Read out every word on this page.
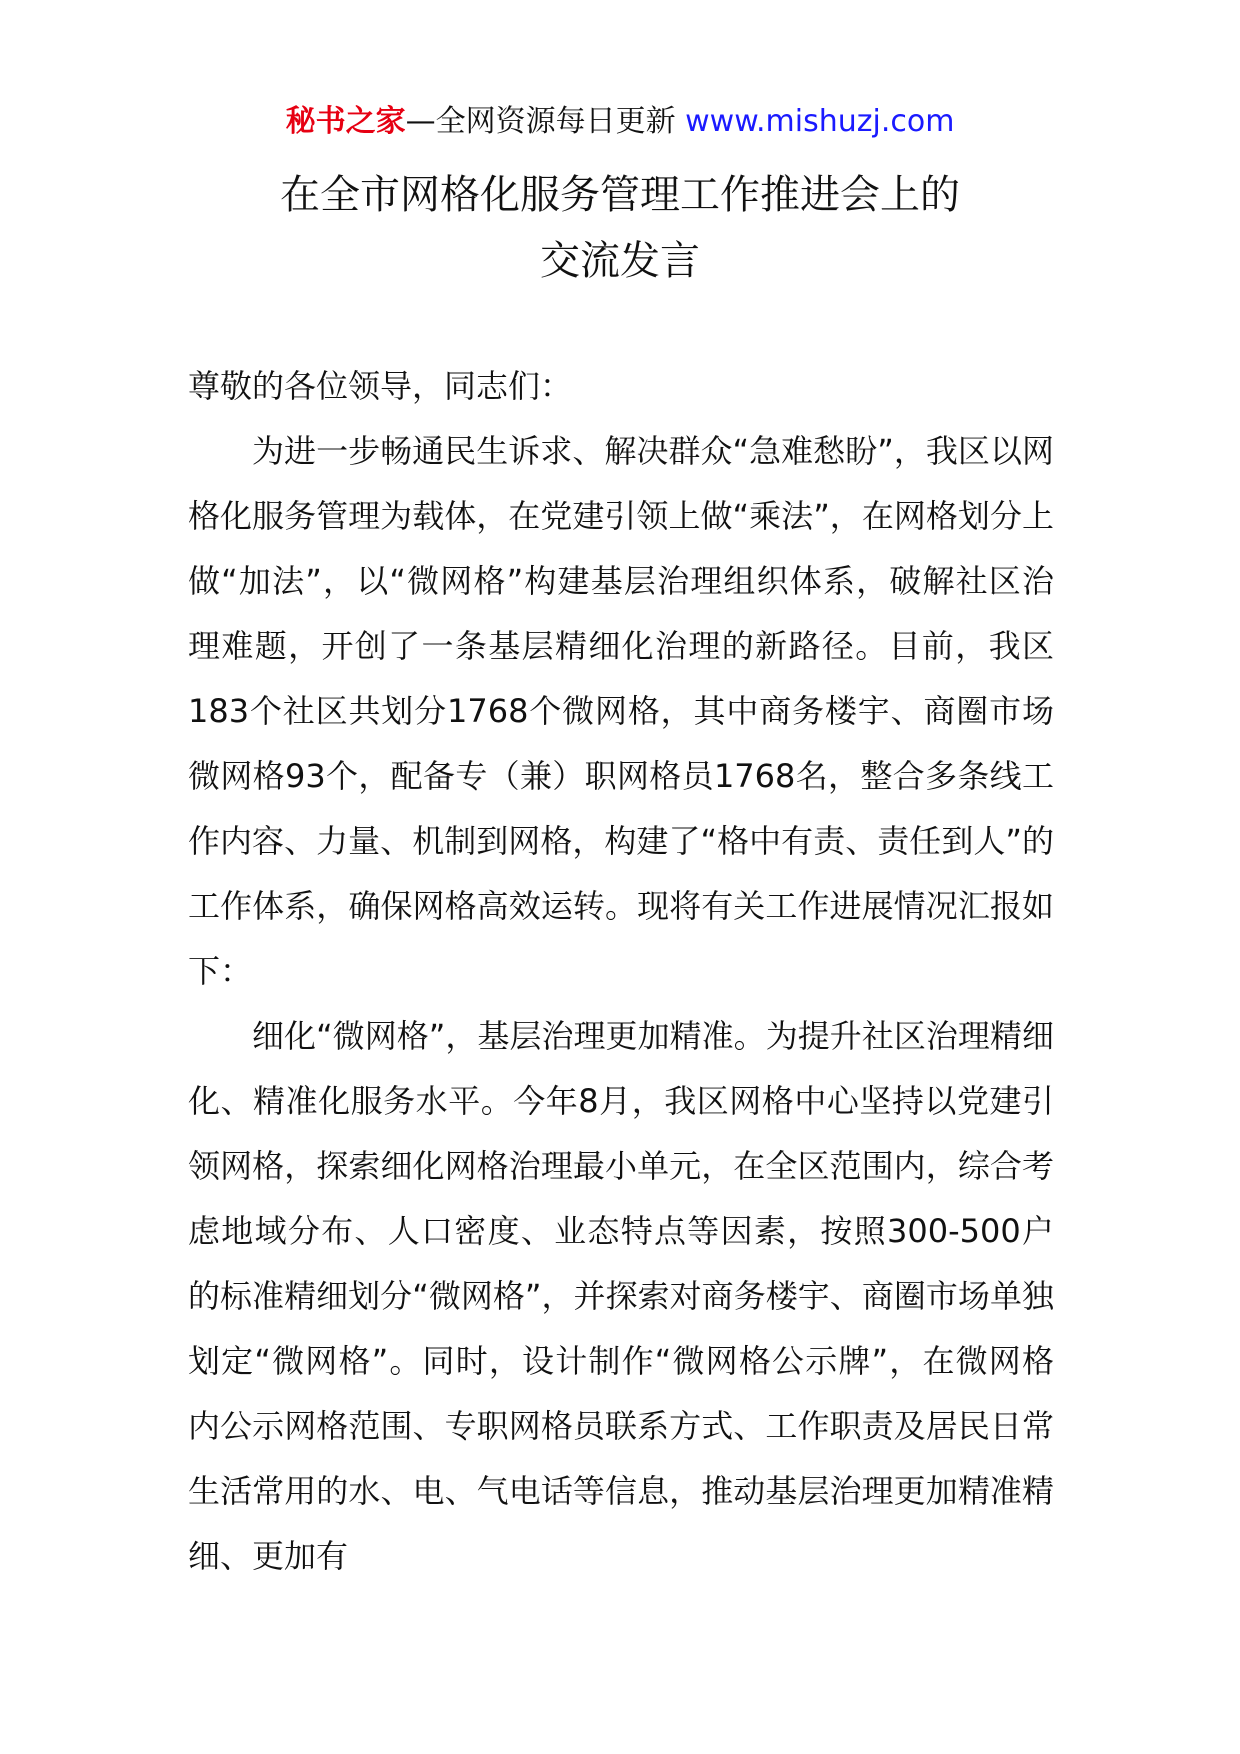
秘书之家—全网资源每日更新 www.mishuzj.com
在全市网格化服务管理工作推进会上的
交流发言

尊敬的各位领导，同志们：

为进一步畅通民生诉求、解决群众“急难愁盼”，我区以网格化服务管理为载体，在党建引领上做“乘法”，在网格划分上做“加法”，以“微网格”构建基层治理组织体系，破解社区治理难题，开创了一条基层精细化治理的新路径。目前，我区183个社区共划分1768个微网格，其中商务楼宇、商圈市场微网格93个，配备专（兼）职网格员1768名，整合多条线工作内容、力量、机制到网格，构建了“格中有责、责任到人”的工作体系，确保网格高效运转。现将有关工作进展情况汇报如下：

细化“微网格”，基层治理更加精准。为提升社区治理精细化、精准化服务水平。今年8月，我区网格中心坚持以党建引领网格，探索细化网格治理最小单元，在全区范围内，综合考虑地域分布、人口密度、业态特点等因素，按照300-500户的标准精细划分“微网格”，并探索对商务楼宇、商圈市场单独划定“微网格”。同时，设计制作“微网格公示牌”，在微网格内公示网格范围、专职网格员联系方式、工作职责及居民日常生活常用的水、电、气电话等信息，推动基层治理更加精准精细、更加有
